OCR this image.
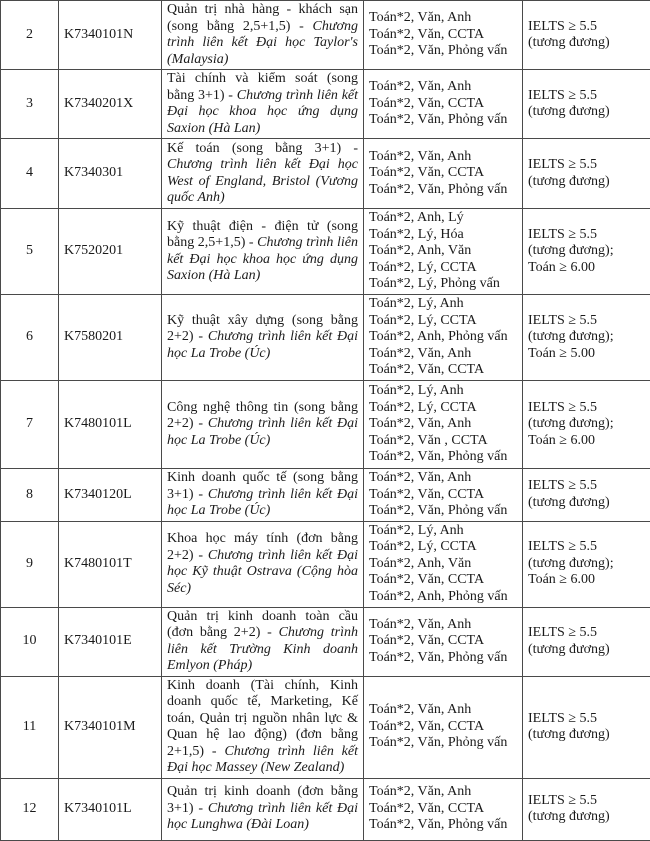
2	K7340101N	Quản trị nhà hàng - khách sạn (song bằng 2,5+1,5) - Chương trình liên kết Đại học Taylor's (Malaysia)	Toán*2, Văn, Anh
Toán*2, Văn, CCTA
Toán*2, Văn, Phỏng vấn	IELTS ≥ 5.5
(tương đương)

3	K7340201X	Tài chính và kiểm soát (song bằng 3+1) - Chương trình liên kết Đại học khoa học ứng dụng Saxion (Hà Lan)	Toán*2, Văn, Anh
Toán*2, Văn, CCTA
Toán*2, Văn, Phỏng vấn	IELTS ≥ 5.5
(tương đương)

4	K7340301	Kế toán (song bằng 3+1) - Chương trình liên kết Đại học West of England, Bristol (Vương quốc Anh)	Toán*2, Văn, Anh
Toán*2, Văn, CCTA
Toán*2, Văn, Phỏng vấn	IELTS ≥ 5.5
(tương đương)

5	K7520201	Kỹ thuật điện - điện tử (song bằng 2,5+1,5) - Chương trình liên kết Đại học khoa học ứng dụng Saxion (Hà Lan)	Toán*2, Anh, Lý
Toán*2, Lý, Hóa
Toán*2, Anh, Văn
Toán*2, Lý, CCTA
Toán*2, Lý, Phỏng vấn	IELTS ≥ 5.5
(tương đương);
Toán ≥ 6.00

6	K7580201	Kỹ thuật xây dựng (song bằng 2+2) - Chương trình liên kết Đại học La Trobe (Úc)	Toán*2, Lý, Anh
Toán*2, Lý, CCTA
Toán*2, Anh, Phỏng vấn
Toán*2, Văn, Anh
Toán*2, Văn, CCTA	IELTS ≥ 5.5
(tương đương);
Toán ≥ 5.00

7	K7480101L	Công nghệ thông tin (song bằng 2+2) - Chương trình liên kết Đại học La Trobe (Úc)	Toán*2, Lý, Anh
Toán*2, Lý, CCTA
Toán*2, Văn, Anh
Toán*2, Văn , CCTA
Toán*2, Văn, Phỏng vấn	IELTS ≥ 5.5
(tương đương);
Toán ≥ 6.00

8	K7340120L	Kinh doanh quốc tế (song bằng 3+1) - Chương trình liên kết Đại học La Trobe (Úc)	Toán*2, Văn, Anh
Toán*2, Văn, CCTA
Toán*2, Văn, Phỏng vấn	IELTS ≥ 5.5
(tương đương)

9	K7480101T	Khoa học máy tính (đơn bằng 2+2) - Chương trình liên kết Đại học Kỹ thuật Ostrava (Cộng hòa Séc)	Toán*2, Lý, Anh
Toán*2, Lý, CCTA
Toán*2, Anh, Văn
Toán*2, Văn, CCTA
Toán*2, Anh, Phỏng vấn	IELTS ≥ 5.5
(tương đương);
Toán ≥ 6.00

10	K7340101E	Quản trị kinh doanh toàn cầu (đơn bằng 2+2) - Chương trình liên kết Trường Kinh doanh Emlyon (Pháp)	Toán*2, Văn, Anh
Toán*2, Văn, CCTA
Toán*2, Văn, Phỏng vấn	IELTS ≥ 5.5
(tương đương)

11	K7340101M	Kinh doanh (Tài chính, Kinh doanh quốc tế, Marketing, Kế toán, Quản trị nguồn nhân lực & Quan hệ lao động) (đơn bằng 2+1,5) - Chương trình liên kết Đại học Massey (New Zealand)	Toán*2, Văn, Anh
Toán*2, Văn, CCTA
Toán*2, Văn, Phỏng vấn	IELTS ≥ 5.5
(tương đương)

12	K7340101L	Quản trị kinh doanh (đơn bằng 3+1) - Chương trình liên kết Đại học Lunghwa (Đài Loan)	Toán*2, Văn, Anh
Toán*2, Văn, CCTA
Toán*2, Văn, Phỏng vấn	IELTS ≥ 5.5
(tương đương)
